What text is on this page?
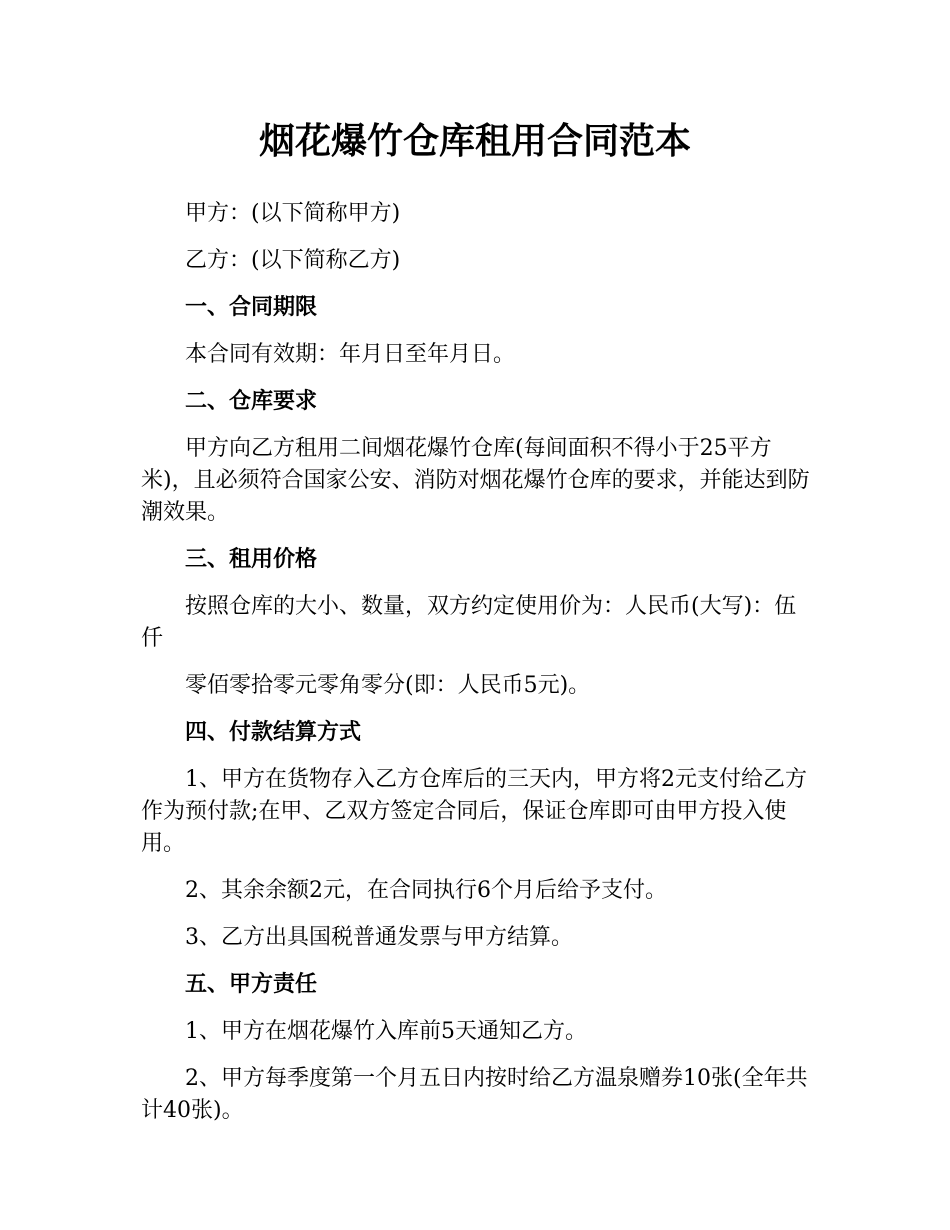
烟花爆竹仓库租用合同范本

甲方：(以下简称甲方)

乙方：(以下简称乙方)

一、合同期限

本合同有效期：年月日至年月日。

二、仓库要求

甲方向乙方租用二间烟花爆竹仓库(每间面积不得小于25平方米)，且必须符合国家公安、消防对烟花爆竹仓库的要求，并能达到防潮效果。

三、租用价格

按照仓库的大小、数量，双方约定使用价为：人民币(大写)：伍仟

零佰零拾零元零角零分(即：人民币5元)。

四、付款结算方式

1、甲方在货物存入乙方仓库后的三天内，甲方将2元支付给乙方作为预付款;在甲、乙双方签定合同后，保证仓库即可由甲方投入使用。

2、其余余额2元，在合同执行6个月后给予支付。

3、乙方出具国税普通发票与甲方结算。

五、甲方责任

1、甲方在烟花爆竹入库前5天通知乙方。

2、甲方每季度第一个月五日内按时给乙方温泉赠券10张(全年共计40张)。
